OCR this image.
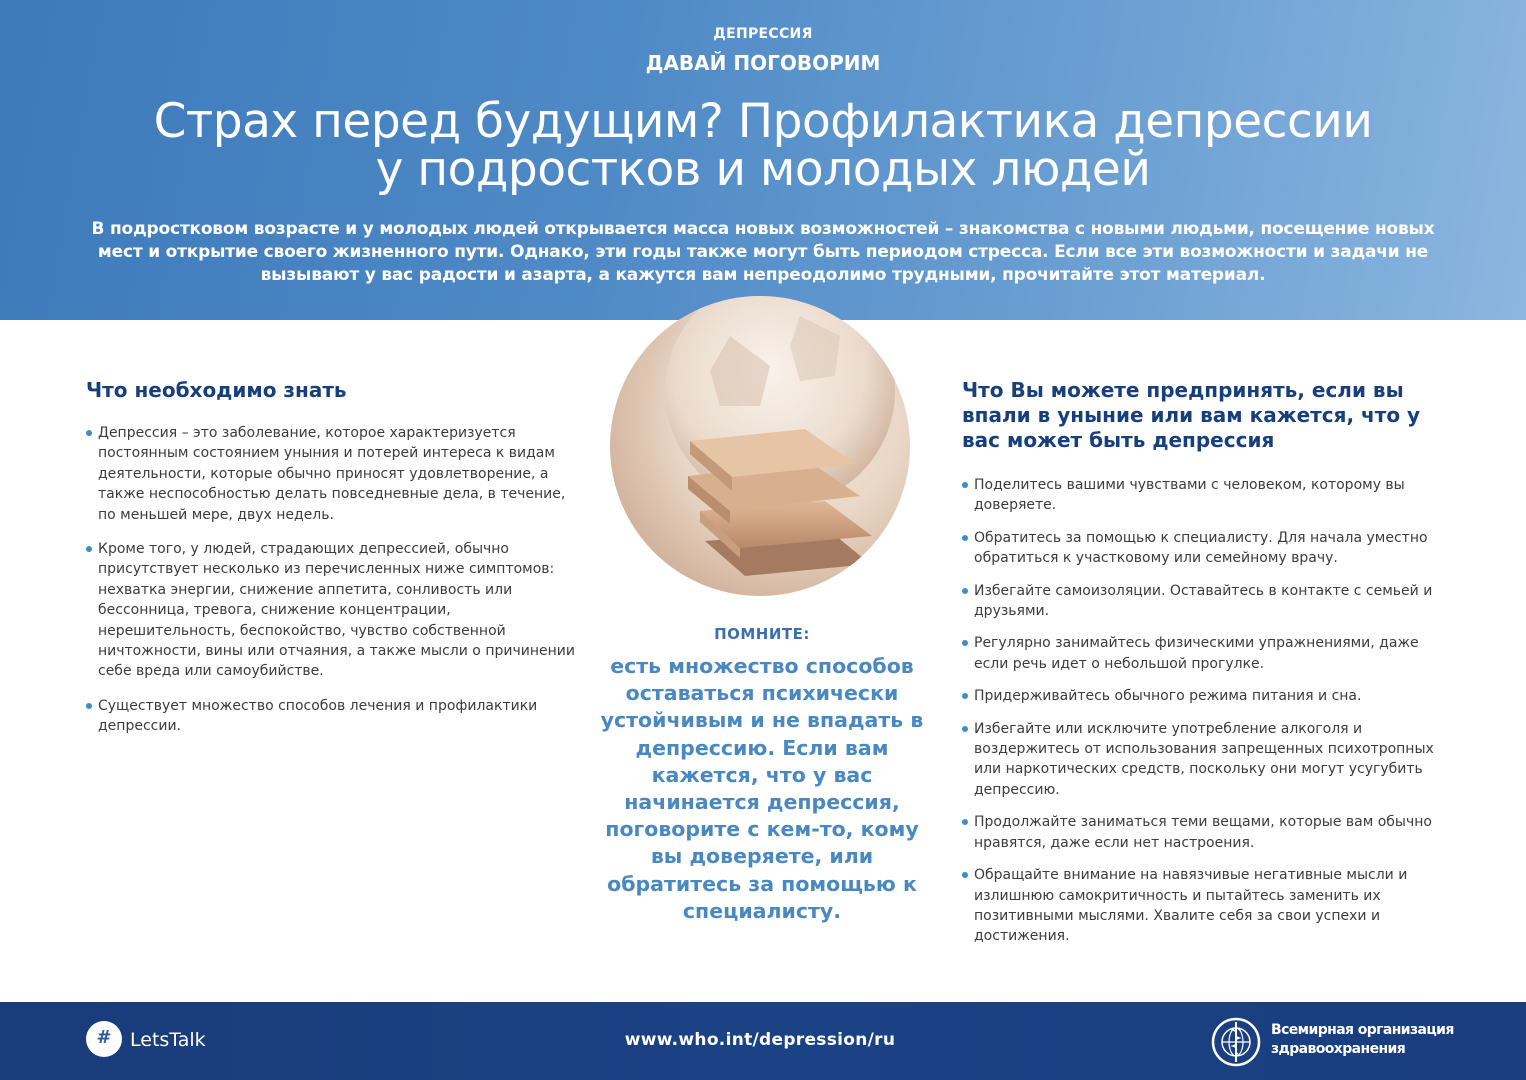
ДЕПРЕССИЯ
ДАВАЙ ПОГОВОРИМ
Страх перед будущим? Профилактика депрессии
у подростков и молодых людей

В подростковом возрасте и у молодых людей открывается масса новых возможностей – знакомства с новыми людьми, посещение новых мест и открытие своего жизненного пути. Однако, эти годы также могут быть периодом стресса. Если все эти возможности и задачи не вызывают у вас радости и азарта, а кажутся вам непреодолимо трудными, прочитайте этот материал.

Что необходимо знать
Депрессия – это заболевание, которое характеризуется постоянным состоянием уныния и потерей интереса к видам деятельности, которые обычно приносят удовлетворение, а также неспособностью делать повседневные дела, в течение, по меньшей мере, двух недель.
Кроме того, у людей, страдающих депрессией, обычно присутствует несколько из перечисленных ниже симптомов: нехватка энергии, снижение аппетита, сонливость или бессонница, тревога, снижение концентрации, нерешительность, беспокойство, чувство собственной ничтожности, вины или отчаяния, а также мысли о причинении себе вреда или самоубийстве.
Существует множество способов лечения и профилактики депрессии.
ПОМНИТЕ:

есть множество способов оставаться психически устойчивым и не впадать в депрессию. Если вам кажется, что у вас начинается депрессия, поговорите с кем-то, кому вы доверяете, или обратитесь за помощью к специалисту.

Что Вы можете предпринять, если вы впали в уныние или вам кажется, что у вас может быть депрессия
Поделитесь вашими чувствами с человеком, которому вы доверяете.
Обратитесь за помощью к специалисту. Для начала уместно обратиться к участковому или семейному врачу.
Избегайте самоизоляции. Оставайтесь в контакте с семьей и друзьями.
Регулярно занимайтесь физическими упражнениями, даже если речь идет о небольшой прогулке.
Придерживайтесь обычного режима питания и сна.
Избегайте или исключите употребление алкоголя и воздержитесь от использования запрещенных психотропных или наркотических средств, поскольку они могут усугубить депрессию.
Продолжайте заниматься теми вещами, которые вам обычно нравятся, даже если нет настроения.
Обращайте внимание на навязчивые негативные мысли и излишнюю самокритичность и пытайтесь заменить их позитивными мыслями. Хвалите себя за свои успехи и достижения.
# LetsTalk	www.who.int/depression/ru	Всемирная организация
здравоохранения
